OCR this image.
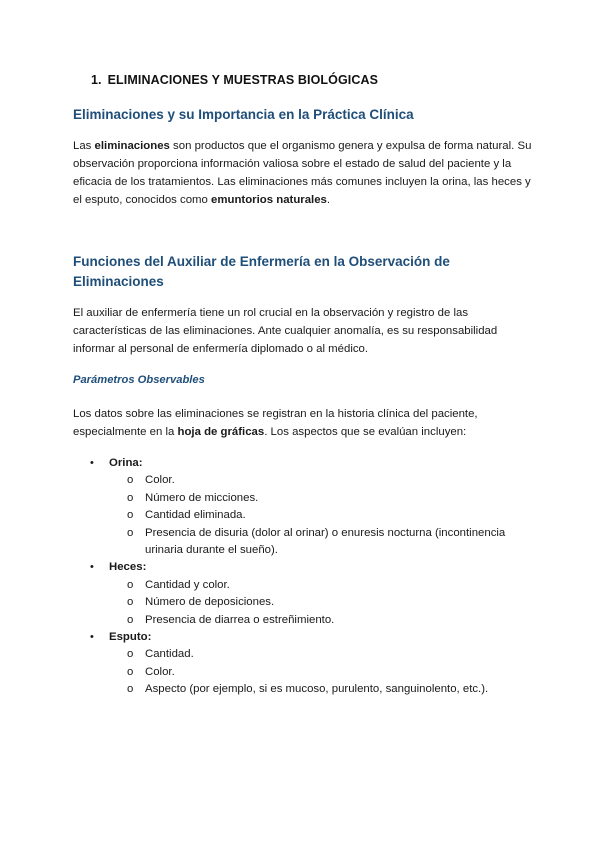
1. ELIMINACIONES Y MUESTRAS BIOLÓGICAS
Eliminaciones y su Importancia en la Práctica Clínica
Las eliminaciones son productos que el organismo genera y expulsa de forma natural. Su observación proporciona información valiosa sobre el estado de salud del paciente y la eficacia de los tratamientos. Las eliminaciones más comunes incluyen la orina, las heces y el esputo, conocidos como emuntorios naturales.
Funciones del Auxiliar de Enfermería en la Observación de Eliminaciones
El auxiliar de enfermería tiene un rol crucial en la observación y registro de las características de las eliminaciones. Ante cualquier anomalía, es su responsabilidad informar al personal de enfermería diplomado o al médico.
Parámetros Observables
Los datos sobre las eliminaciones se registran en la historia clínica del paciente, especialmente en la hoja de gráficas. Los aspectos que se evalúan incluyen:
• Orina:
o Color.
o Número de micciones.
o Cantidad eliminada.
o Presencia de disuria (dolor al orinar) o enuresis nocturna (incontinencia urinaria durante el sueño).
• Heces:
o Cantidad y color.
o Número de deposiciones.
o Presencia de diarrea o estreñimiento.
• Esputo:
o Cantidad.
o Color.
o Aspecto (por ejemplo, si es mucoso, purulento, sanguinolento, etc.).
